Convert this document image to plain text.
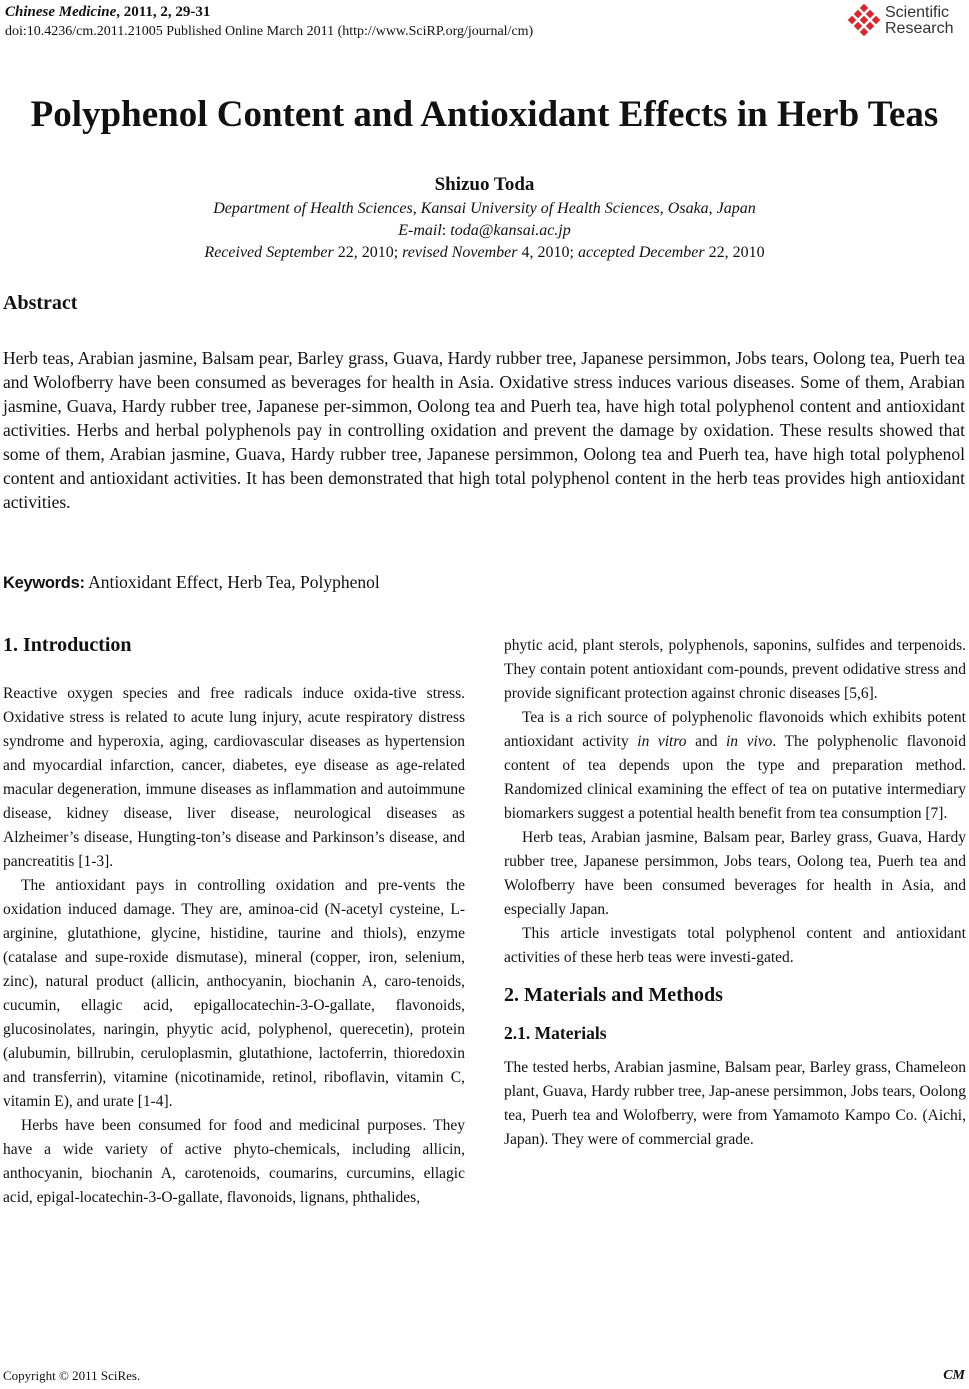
Chinese Medicine, 2011, 2, 29-31
doi:10.4236/cm.2011.21005 Published Online March 2011 (http://www.SciRP.org/journal/cm)
Scientific
Research
Polyphenol Content and Antioxidant Effects in Herb Teas
Shizuo Toda
Department of Health Sciences, Kansai University of Health Sciences, Osaka, Japan
E-mail: toda@kansai.ac.jp
Received September 22, 2010; revised November 4, 2010; accepted December 22, 2010
Abstract

Herb teas, Arabian jasmine, Balsam pear, Barley grass, Guava, Hardy rubber tree, Japanese persimmon, Jobs tears, Oolong tea, Puerh tea and Wolofberry have been consumed as beverages for health in Asia. Oxidative stress induces various diseases. Some of them, Arabian jasmine, Guava, Hardy rubber tree, Japanese per-simmon, Oolong tea and Puerh tea, have high total polyphenol content and antioxidant activities. Herbs and herbal polyphenols pay in controlling oxidation and prevent the damage by oxidation. These results showed that some of them, Arabian jasmine, Guava, Hardy rubber tree, Japanese persimmon, Oolong tea and Puerh tea, have high total polyphenol content and antioxidant activities. It has been demonstrated that high total polyphenol content in the herb teas provides high antioxidant activities.

Keywords: Antioxidant Effect, Herb Tea, Polyphenol
1. Introduction

Reactive oxygen species and free radicals induce oxida-tive stress. Oxidative stress is related to acute lung injury, acute respiratory distress syndrome and hyperoxia, aging, cardiovascular diseases as hypertension and myocardial infarction, cancer, diabetes, eye disease as age-related macular degeneration, immune diseases as inflammation and autoimmune disease, kidney disease, liver disease, neurological diseases as Alzheimer’s disease, Hungting-ton’s disease and Parkinson’s disease, and pancreatitis [1-3].

The antioxidant pays in controlling oxidation and pre-vents the oxidation induced damage. They are, aminoa-cid (N-acetyl cysteine, L-arginine, glutathione, glycine, histidine, taurine and thiols), enzyme (catalase and supe-roxide dismutase), mineral (copper, iron, selenium, zinc), natural product (allicin, anthocyanin, biochanin A, caro-tenoids, cucumin, ellagic acid, epigallocatechin-3-O-gallate, flavonoids, glucosinolates, naringin, phyytic acid, polyphenol, querecetin), protein (alubumin, billrubin, ceruloplasmin, glutathione, lactoferrin, thioredoxin and transferrin), vitamine (nicotinamide, retinol, riboflavin, vitamin C, vitamin E), and urate [1-4].

Herbs have been consumed for food and medicinal purposes. They have a wide variety of active phyto-chemicals, including allicin, anthocyanin, biochanin A, carotenoids, coumarins, curcumins, ellagic acid, epigal-locatechin-3-O-gallate, flavonoids, lignans, phthalides,

phytic acid, plant sterols, polyphenols, saponins, sulfides and terpenoids. They contain potent antioxidant com-pounds, prevent odidative stress and provide significant protection against chronic diseases [5,6].

Tea is a rich source of polyphenolic flavonoids which exhibits potent antioxidant activity in vitro and in vivo. The polyphenolic flavonoid content of tea depends upon the type and preparation method. Randomized clinical examining the effect of tea on putative intermediary biomarkers suggest a potential health benefit from tea consumption [7].

Herb teas, Arabian jasmine, Balsam pear, Barley grass, Guava, Hardy rubber tree, Japanese persimmon, Jobs tears, Oolong tea, Puerh tea and Wolofberry have been consumed beverages for health in Asia, and especially Japan.

This article investigats total polyphenol content and antioxidant activities of these herb teas were investi-gated.

2. Materials and Methods
2.1. Materials

The tested herbs, Arabian jasmine, Balsam pear, Barley grass, Chameleon plant, Guava, Hardy rubber tree, Jap-anese persimmon, Jobs tears, Oolong tea, Puerh tea and Wolofberry, were from Yamamoto Kampo Co. (Aichi, Japan). They were of commercial grade.

Copyright © 2011 SciRes.	CM
